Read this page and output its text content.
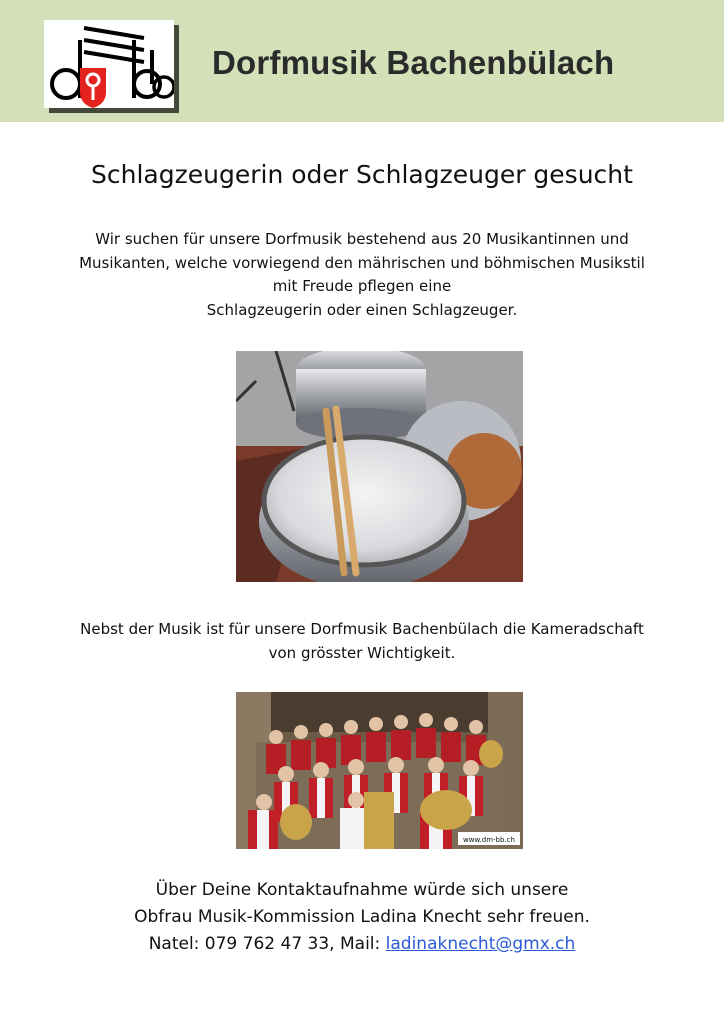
Dorfmusik Bachenbülach
Schlagzeugerin oder Schlagzeuger gesucht
Wir suchen für unsere Dorfmusik bestehend aus 20 Musikantinnen und
Musikanten, welche vorwiegend den mährischen und böhmischen Musikstil
mit Freude pflegen eine
Schlagzeugerin oder einen Schlagzeuger.
Nebst der Musik ist für unsere Dorfmusik Bachenbülach die Kameradschaft
von grösster Wichtigkeit.
www.dm-bb.ch
Über Deine Kontaktaufnahme würde sich unsere
Obfrau Musik-Kommission Ladina Knecht sehr freuen.
Natel: 079 762 47 33, Mail: ladinaknecht@gmx.ch
